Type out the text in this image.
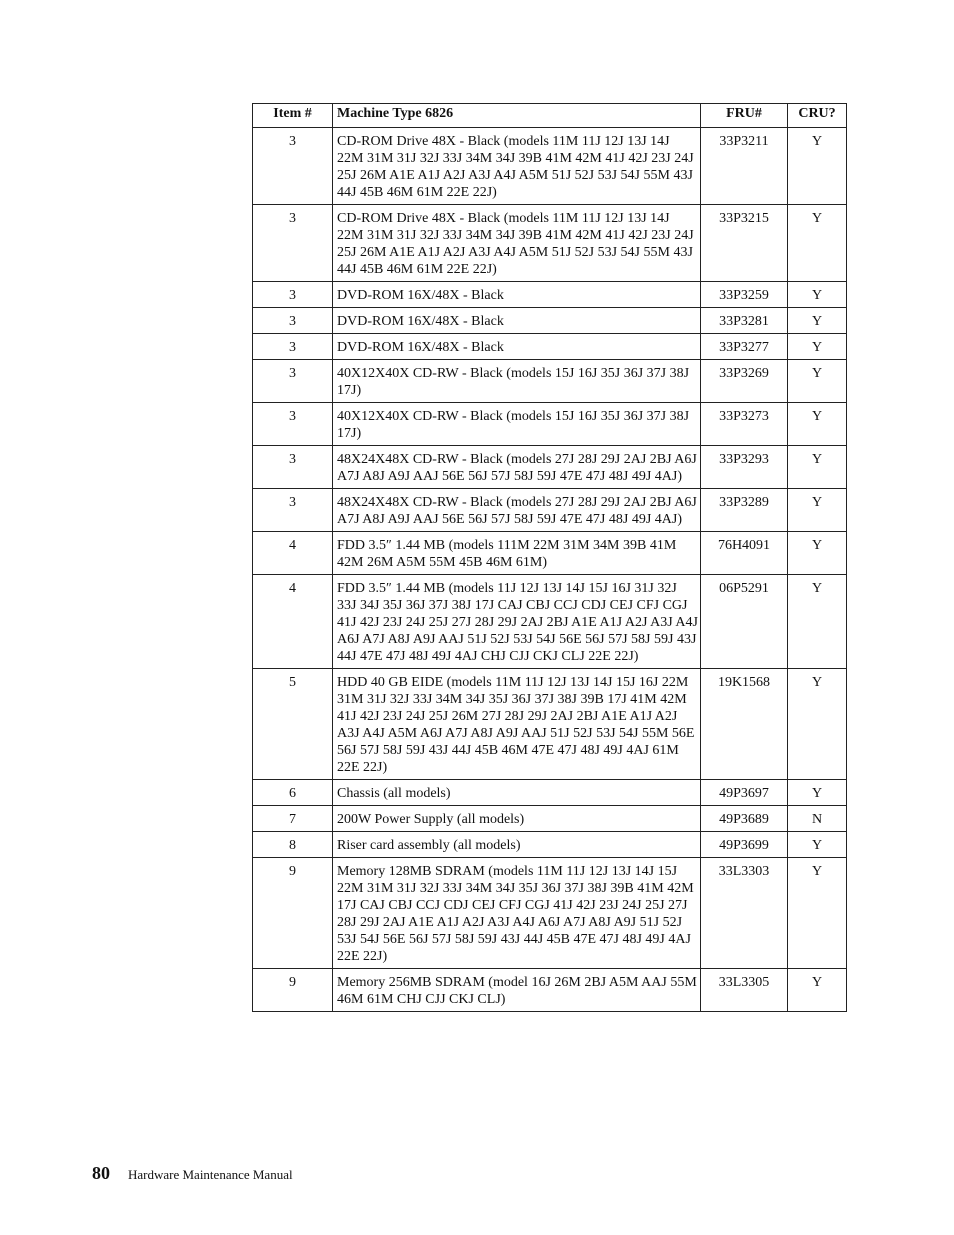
Item #	Machine Type 6826	FRU#	CRU?
3	CD-ROM Drive 48X - Black (models 11M 11J 12J 13J 14J 22M 31M 31J 32J 33J 34M 34J 39B 41M 42M 41J 42J 23J 24J 25J 26M A1E A1J A2J A3J A4J A5M 51J 52J 53J 54J 55M 43J 44J 45B 46M 61M 22E 22J)	33P3211	Y
3	CD-ROM Drive 48X - Black (models 11M 11J 12J 13J 14J 22M 31M 31J 32J 33J 34M 34J 39B 41M 42M 41J 42J 23J 24J 25J 26M A1E A1J A2J A3J A4J A5M 51J 52J 53J 54J 55M 43J 44J 45B 46M 61M 22E 22J)	33P3215	Y
3	DVD-ROM 16X/48X - Black	33P3259	Y
3	DVD-ROM 16X/48X - Black	33P3281	Y
3	DVD-ROM 16X/48X - Black	33P3277	Y
3	40X12X40X CD-RW - Black (models 15J 16J 35J 36J 37J 38J 17J)	33P3269	Y
3	40X12X40X CD-RW - Black (models 15J 16J 35J 36J 37J 38J 17J)	33P3273	Y
3	48X24X48X CD-RW - Black (models 27J 28J 29J 2AJ 2BJ A6J A7J A8J A9J AAJ 56E 56J 57J 58J 59J 47E 47J 48J 49J 4AJ)	33P3293	Y
3	48X24X48X CD-RW - Black (models 27J 28J 29J 2AJ 2BJ A6J A7J A8J A9J AAJ 56E 56J 57J 58J 59J 47E 47J 48J 49J 4AJ)	33P3289	Y
4	FDD 3.5″ 1.44 MB (models 111M 22M 31M 34M 39B 41M 42M 26M A5M 55M 45B 46M 61M)	76H4091	Y
4	FDD 3.5″ 1.44 MB (models 11J 12J 13J 14J 15J 16J 31J 32J 33J 34J 35J 36J 37J 38J 17J CAJ CBJ CCJ CDJ CEJ CFJ CGJ 41J 42J 23J 24J 25J 27J 28J 29J 2AJ 2BJ A1E A1J A2J A3J A4J A6J A7J A8J A9J AAJ 51J 52J 53J 54J 56E 56J 57J 58J 59J 43J 44J 47E 47J 48J 49J 4AJ CHJ CJJ CKJ CLJ 22E 22J)	06P5291	Y
5	HDD 40 GB EIDE (models 11M 11J 12J 13J 14J 15J 16J 22M 31M 31J 32J 33J 34M 34J 35J 36J 37J 38J 39B 17J 41M 42M 41J 42J 23J 24J 25J 26M 27J 28J 29J 2AJ 2BJ A1E A1J A2J A3J A4J A5M A6J A7J A8J A9J AAJ 51J 52J 53J 54J 55M 56E 56J 57J 58J 59J 43J 44J 45B 46M 47E 47J 48J 49J 4AJ 61M 22E 22J)	19K1568	Y
6	Chassis (all models)	49P3697	Y
7	200W Power Supply (all models)	49P3689	N
8	Riser card assembly (all models)	49P3699	Y
9	Memory 128MB SDRAM (models 11M 11J 12J 13J 14J 15J 22M 31M 31J 32J 33J 34M 34J 35J 36J 37J 38J 39B 41M 42M 17J CAJ CBJ CCJ CDJ CEJ CFJ CGJ 41J 42J 23J 24J 25J 27J 28J 29J 2AJ A1E A1J A2J A3J A4J A6J A7J A8J A9J 51J 52J 53J 54J 56E 56J 57J 58J 59J 43J 44J 45B 47E 47J 48J 49J 4AJ 22E 22J)	33L3303	Y
9	Memory 256MB SDRAM (model 16J 26M 2BJ A5M AAJ 55M 46M 61M CHJ CJJ CKJ CLJ)	33L3305	Y
80 Hardware Maintenance Manual
